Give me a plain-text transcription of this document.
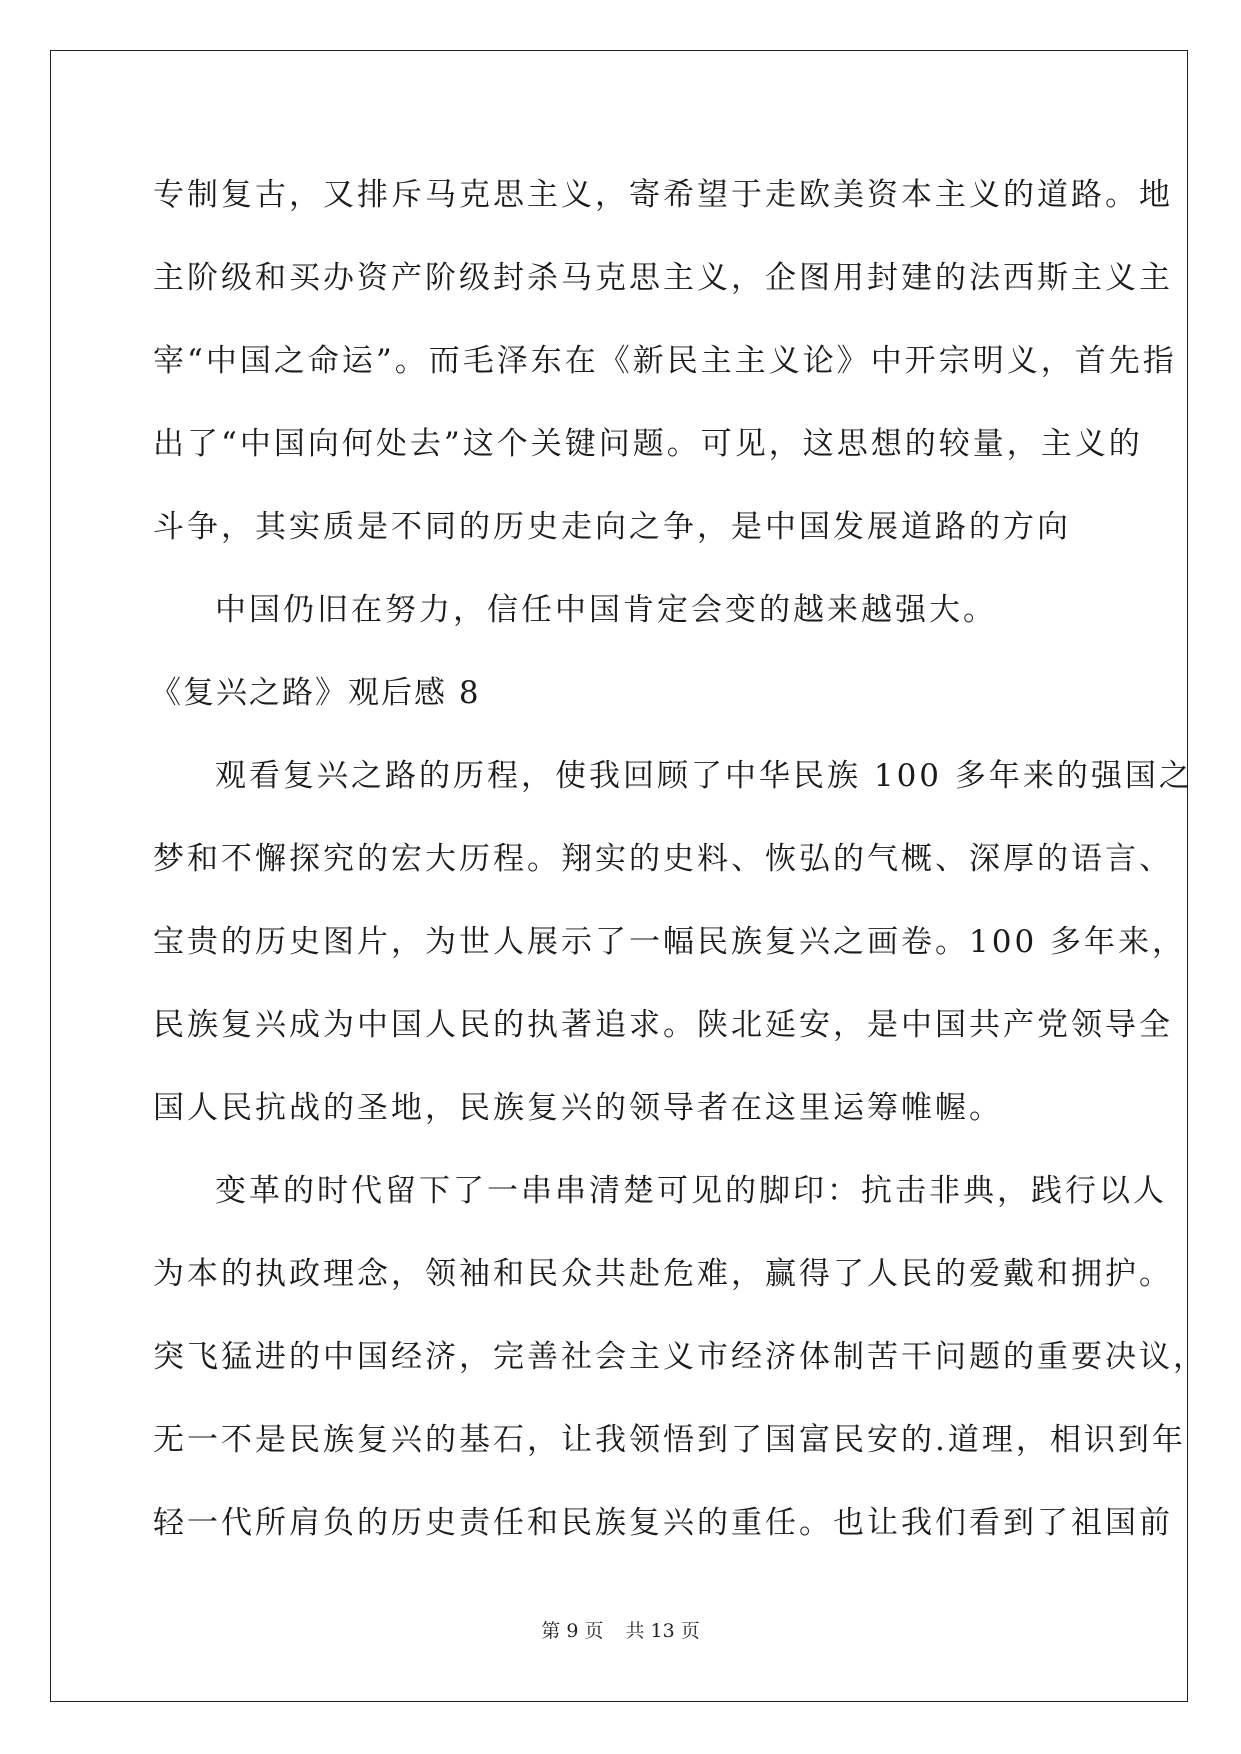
专制复古，又排斥马克思主义，寄希望于走欧美资本主义的道路。地
主阶级和买办资产阶级封杀马克思主义，企图用封建的法西斯主义主
宰“中国之命运”。而毛泽东在《新民主主义论》中开宗明义，首先指
出了“中国向何处去”这个关键问题。可见，这思想的较量，主义的
斗争，其实质是不同的历史走向之争，是中国发展道路的方向
中国仍旧在努力，信任中国肯定会变的越来越强大。
《复兴之路》观后感 8
观看复兴之路的历程，使我回顾了中华民族 100 多年来的强国之
梦和不懈探究的宏大历程。翔实的史料、恢弘的气概、深厚的语言、
宝贵的历史图片，为世人展示了一幅民族复兴之画卷。100 多年来，
民族复兴成为中国人民的执著追求。陕北延安，是中国共产党领导全
国人民抗战的圣地，民族复兴的领导者在这里运筹帷幄。
变革的时代留下了一串串清楚可见的脚印：抗击非典，践行以人
为本的执政理念，领袖和民众共赴危难，赢得了人民的爱戴和拥护。
突飞猛进的中国经济，完善社会主义市经济体制苦干问题的重要决议，
无一不是民族复兴的基石，让我领悟到了国富民安的.道理，相识到年
轻一代所肩负的历史责任和民族复兴的重任。也让我们看到了祖国前
第 9 页 共 13 页
